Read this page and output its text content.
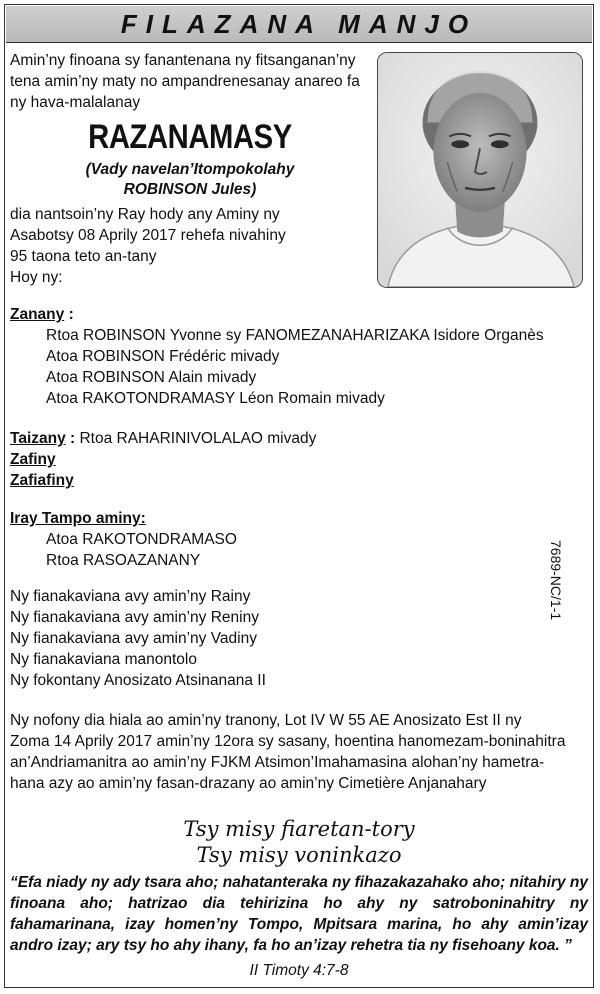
FILAZANA MANJO
Amin’ny finoana sy fanantenana ny fitsanganan’ny
tena amin’ny maty no ampandrenesanay anareo fa
ny hava-malalanay
RAZANAMASY
(Vady navelan’Itompokolahy
ROBINSON Jules)
dia nantsoin’ny Ray hody any Aminy ny
Asabotsy 08 Aprily 2017 rehefa nivahiny
95 taona teto an-tany
Hoy ny:
Zanany :
Rtoa ROBINSON Yvonne sy FANOMEZANAHARIZAKA Isidore Organès
Atoa ROBINSON Frédéric mivady
Atoa ROBINSON Alain mivady
Atoa RAKOTONDRAMASY Léon Romain mivady
Taizany : Rtoa RAHARINIVOLALAO mivady
Zafiny
Zafiafiny
Iray Tampo aminy:
Atoa RAKOTONDRAMASO
Rtoa RASOAZANANY
Ny fianakaviana avy amin’ny Rainy
Ny fianakaviana avy amin’ny Reniny
Ny fianakaviana avy amin’ny Vadiny
Ny fianakaviana manontolo
Ny fokontany Anosizato Atsinanana II
7689-NC/1-1
Ny nofony dia hiala ao amin’ny tranony, Lot IV W 55 AE Anosizato Est II ny
Zoma 14 Aprily 2017 amin’ny 12ora sy sasany, hoentina hanomezam-boninahitra
an’Andriamanitra ao amin’ny FJKM Atsimon’Imahamasina alohan’ny hametra-
hana azy ao amin’ny fasan-drazany ao amin’ny Cimetière Anjanahary
Tsy misy fiaretan-tory
Tsy misy voninkazo
“Efa niady ny ady tsara aho; nahatanteraka ny fihazakazahako aho; nitahiry ny finoana aho; hatrizao dia tehirizina ho ahy ny satroboninahitry ny fahamarinana, izay homen’ny Tompo, Mpitsara marina, ho ahy amin’izay andro izay; ary tsy ho ahy ihany, fa ho an’izay rehetra tia ny fisehoany koa. ”
II Timoty 4:7-8
